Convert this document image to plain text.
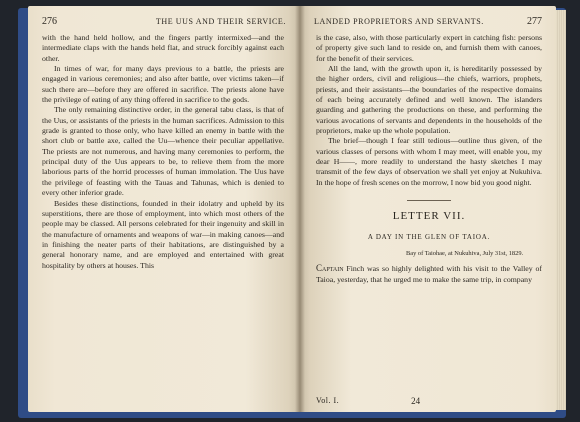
276	THE UUS AND THEIR SERVICE.

with the hand held hollow, and the fingers partly intermixed—and the intermediate claps with the hands held flat, and struck forcibly against each other.

In times of war, for many days previous to a battle, the priests are engaged in various ceremonies; and also after battle, over victims taken—if such there are—before they are offered in sacrifice. The priests alone have the privilege of eating of any thing offered in sacrifice to the gods.

The only remaining distinctive order, in the general tabu class, is that of the Uus, or assistants of the priests in the human sacrifices. Admission to this grade is granted to those only, who have killed an enemy in battle with the short club or battle axe, called the Uu—whence their peculiar appellative. The priests are not numerous, and having many ceremonies to perform, the principal duty of the Uus appears to be, to relieve them from the more laborious parts of the horrid processes of human immolation. The Uus have the privilege of feasting with the Tauas and Tahunas, which is denied to every other inferior grade.

Besides these distinctions, founded in their idolatry and upheld by its superstitions, there are those of employment, into which most others of the people may be classed. All persons celebrated for their ingenuity and skill in the manufacture of ornaments and weapons of war—in making canoes—and in finishing the neater parts of their habitations, are distinguished by a general honorary name, and are employed and entertained with great hospitality by others at houses. This

LANDED PROPRIETORS AND SERVANTS.	277

is the case, also, with those particularly expert in catching fish: persons of property give such land to reside on, and furnish them with canoes, for the benefit of their services.

All the land, with the growth upon it, is hereditarily possessed by the higher orders, civil and religious—the chiefs, warriors, prophets, priests, and their assistants—the boundaries of the respective domains of each being accurately defined and well known. The islanders guarding and gathering the productions on these, and performing the various avocations of servants and dependents in the households of the proprietors, make up the whole population.

The brief—though I fear still tedious—outline thus given, of the various classes of persons with whom I may meet, will enable you, my dear H——, more readily to understand the hasty sketches I may transmit of the few days of observation we shall yet enjoy at Nukuhiva. In the hope of fresh scenes on the morrow, I now bid you good night.

LETTER VII.
A DAY IN THE GLEN OF TAIOA.
Bay of Taiohae, at Nukuhiva, July 31st, 1829.

Captain Finch was so highly delighted with his visit to the Valley of Taioa, yesterday, that he urged me to make the same trip, in company

Vol. I.	24
